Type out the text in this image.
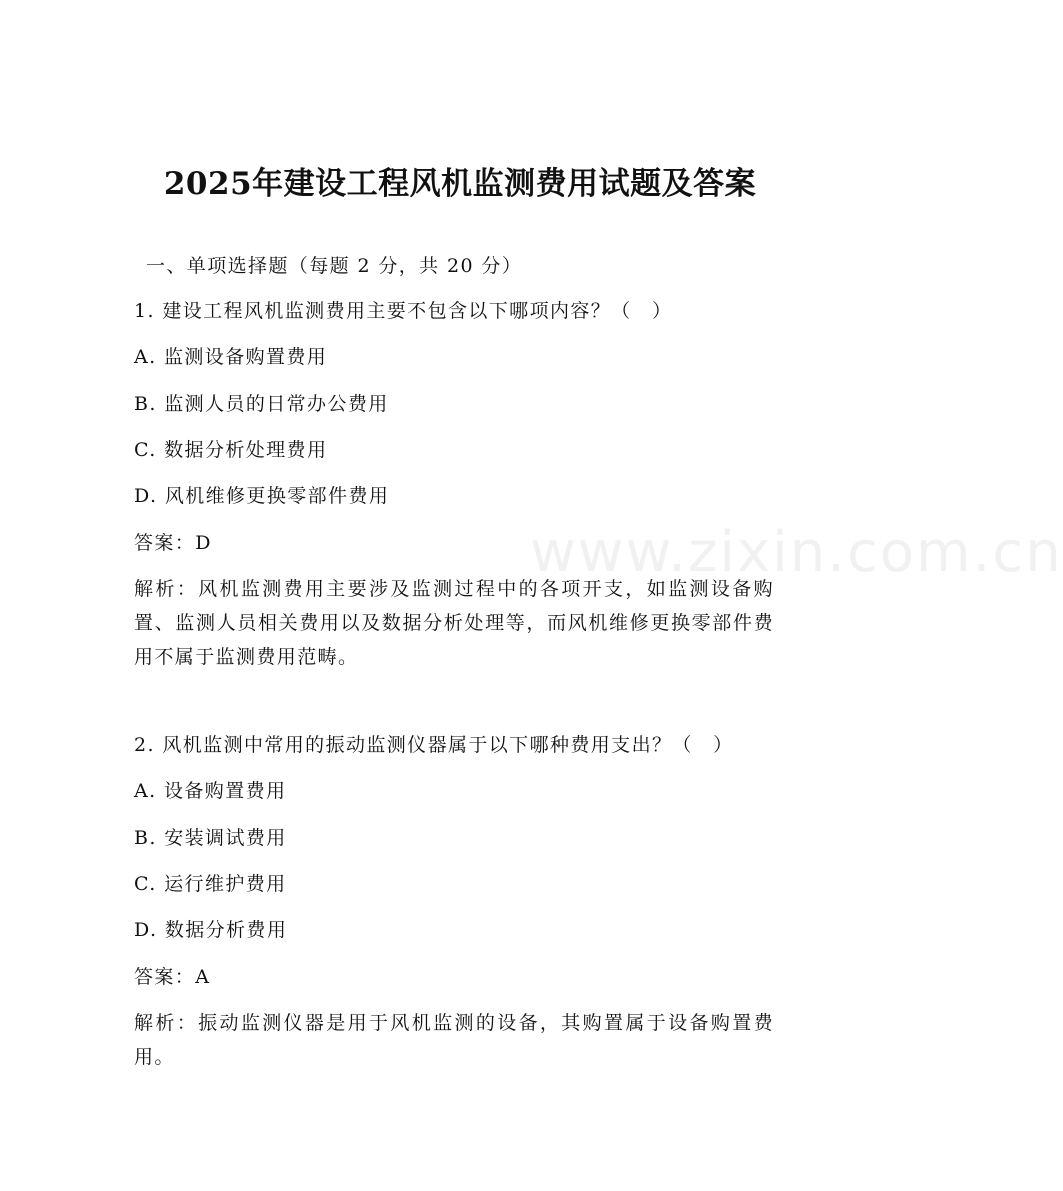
www.zixin.com.cn
2025年建设工程风机监测费用试题及答案
一、单项选择题（每题 2 分，共 20 分）
1. 建设工程风机监测费用主要不包含以下哪项内容？（　）
A. 监测设备购置费用
B. 监测人员的日常办公费用
C. 数据分析处理费用
D. 风机维修更换零部件费用
答案：D
解析：风机监测费用主要涉及监测过程中的各项开支，如监测设备购置、监测人员相关费用以及数据分析处理等，而风机维修更换零部件费用不属于监测费用范畴。
2. 风机监测中常用的振动监测仪器属于以下哪种费用支出？（　）
A. 设备购置费用
B. 安装调试费用
C. 运行维护费用
D. 数据分析费用
答案：A
解析：振动监测仪器是用于风机监测的设备，其购置属于设备购置费用。
